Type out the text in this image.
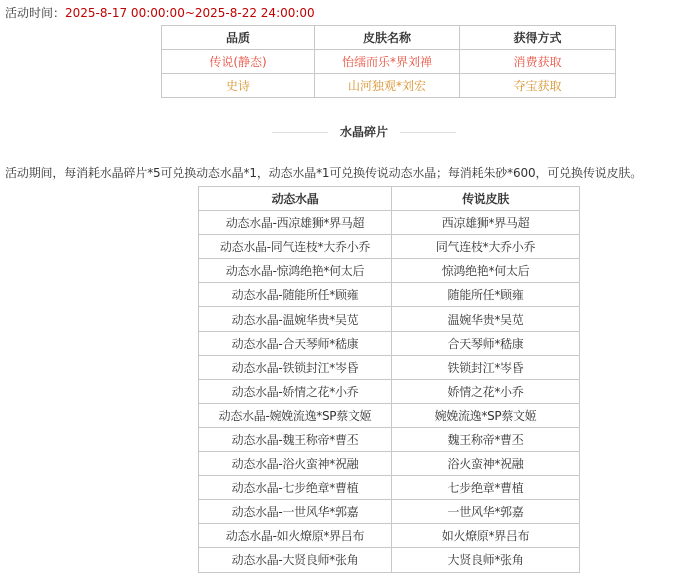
活动时间：2025-8-17 00:00:00~2025-8-22 24:00:00
品质	皮肤名称	获得方式
传说(静态)	怡𦈡而乐*界刘禅	消费获取
史诗	山河独观*刘宏	夺宝获取
水晶碎片
活动期间，每消耗水晶碎片*5可兑换动态水晶*1，动态水晶*1可兑换传说动态水晶；每消耗朱砂*600，可兑换传说皮肤。
动态水晶	传说皮肤
动态水晶-西凉雄狮*界马超	西凉雄狮*界马超
动态水晶-同气连枝*大乔小乔	同气连枝*大乔小乔
动态水晶-惊鸿绝艳*何太后	惊鸿绝艳*何太后
动态水晶-随能所任*顾雍	随能所任*顾雍
动态水晶-温婉华贵*吴苋	温婉华贵*吴苋
动态水晶-合天琴师*嵇康	合天琴师*嵇康
动态水晶-铁锁封江*岑昏	铁锁封江*岑昏
动态水晶-娇情之花*小乔	娇情之花*小乔
动态水晶-婉娩流逸*SP蔡文姬	婉娩流逸*SP蔡文姬
动态水晶-魏王称帝*曹丕	魏王称帝*曹丕
动态水晶-浴火蛮神*祝融	浴火蛮神*祝融
动态水晶-七步绝章*曹植	七步绝章*曹植
动态水晶-一世风华*郭嘉	一世风华*郭嘉
动态水晶-如火燎原*界吕布	如火燎原*界吕布
动态水晶-大贤良师*张角	大贤良师*张角
